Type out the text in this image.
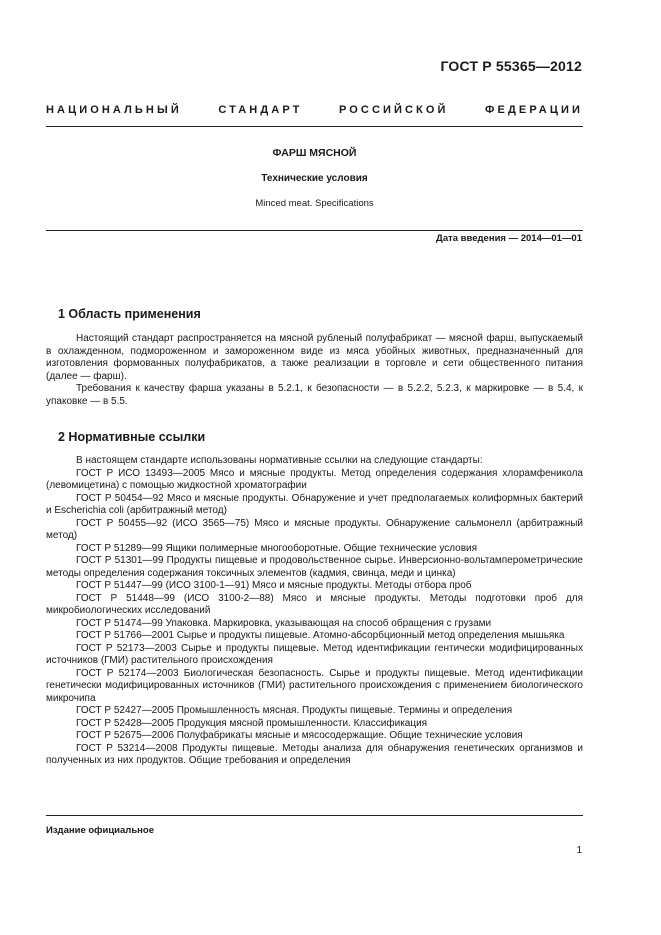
ГОСТ Р 55365—2012
НАЦИОНАЛЬНЫЙ СТАНДАРТ РОССИЙСКОЙ ФЕДЕРАЦИИ
ФАРШ МЯСНОЙ
Технические условия
Minced meat. Specifications
Дата введения — 2014—01—01
1 Область применения

Настоящий стандарт распространяется на мясной рубленый полуфабрикат — мясной фарш, выпускаемый в охлажденном, подмороженном и замороженном виде из мяса убойных животных, предназначенный для изготовления формованных полуфабрикатов, а также реализации в торговле и сети общественного питания (далее — фарш).

Требования к качеству фарша указаны в 5.2.1, к безопасности — в 5.2.2, 5.2.3, к маркировке — в 5.4, к упаковке — в 5.5.

2 Нормативные ссылки

В настоящем стандарте использованы нормативные ссылки на следующие стандарты:

ГОСТ Р ИСО 13493—2005 Мясо и мясные продукты. Метод определения содержания хлорамфеникола (левомицетина) с помощью жидкостной хроматографии

ГОСТ Р 50454—92 Мясо и мясные продукты. Обнаружение и учет предполагаемых колиформных бактерий и Escherichia coli (арбитражный метод)

ГОСТ Р 50455—92 (ИСО 3565—75) Мясо и мясные продукты. Обнаружение сальмонелл (арбитражный метод)

ГОСТ Р 51289—99 Ящики полимерные многооборотные. Общие технические условия

ГОСТ Р 51301—99 Продукты пищевые и продовольственное сырье. Инверсионно-вольтамперометрические методы определения содержания токсичных элементов (кадмия, свинца, меди и цинка)

ГОСТ Р 51447—99 (ИСО 3100-1—91) Мясо и мясные продукты. Методы отбора проб

ГОСТ Р 51448—99 (ИСО 3100-2—88) Мясо и мясные продукты. Методы подготовки проб для микробиологических исследований

ГОСТ Р 51474—99 Упаковка. Маркировка, указывающая на способ обращения с грузами

ГОСТ Р 51766—2001 Сырье и продукты пищевые. Атомно-абсорбционный метод определения мышьяка

ГОСТ Р 52173—2003 Сырье и продукты пищевые. Метод идентификации гентически модифицированных источников (ГМИ) растительного происхождения

ГОСТ Р 52174—2003 Биологическая безопасность. Сырье и продукты пищевые. Метод идентификации генетически модифицированных источников (ГМИ) растительного происхождения с применением биологического микрочипа

ГОСТ Р 52427—2005 Промышленность мясная. Продукты пищевые. Термины и определения

ГОСТ Р 52428—2005 Продукция мясной промышленности. Классификация

ГОСТ Р 52675—2006 Полуфабрикаты мясные и мясосодержащие. Общие технические условия

ГОСТ Р 53214—2008 Продукты пищевые. Методы анализа для обнаружения генетических организмов и полученных из них продуктов. Общие требования и определения

Издание официальное
1
